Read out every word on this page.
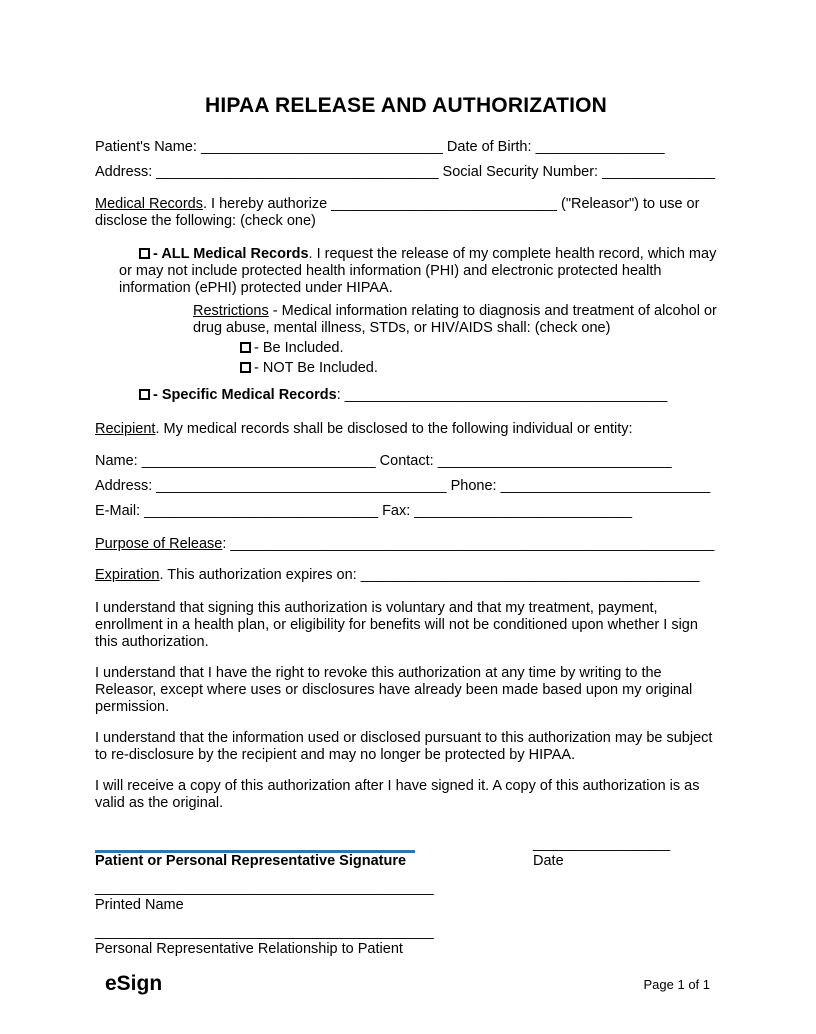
HIPAA RELEASE AND AUTHORIZATION
Patient's Name: ______________________________ Date of Birth: ________________
Address: ___________________________________ Social Security Number: ______________
Medical Records. I hereby authorize ____________________________ ("Releasor") to use or disclose the following: (check one)
- ALL Medical Records. I request the release of my complete health record, which may or may not include protected health information (PHI) and electronic protected health information (ePHI) protected under HIPAA.
Restrictions - Medical information relating to diagnosis and treatment of alcohol or drug abuse, mental illness, STDs, or HIV/AIDS shall: (check one)
- Be Included.
- NOT Be Included.
- Specific Medical Records: ________________________________________
Recipient. My medical records shall be disclosed to the following individual or entity:
Name: _____________________________ Contact: _____________________________
Address: ____________________________________ Phone: __________________________
E-Mail: _____________________________ Fax: ___________________________
Purpose of Release: ____________________________________________________________
Expiration. This authorization expires on: __________________________________________

I understand that signing this authorization is voluntary and that my treatment, payment, enrollment in a health plan, or eligibility for benefits will not be conditioned upon whether I sign this authorization.

I understand that I have the right to revoke this authorization at any time by writing to the Releasor, except where uses or disclosures have already been made based upon my original permission.

I understand that the information used or disclosed pursuant to this authorization may be subject to re-disclosure by the recipient and may no longer be protected by HIPAA.

I will receive a copy of this authorization after I have signed it. A copy of this authorization is as valid as the original.

Patient or Personal Representative Signature
_________________
Date
__________________________________________
Printed Name
__________________________________________
Personal Representative Relationship to Patient
eSign	Page 1 of 1
